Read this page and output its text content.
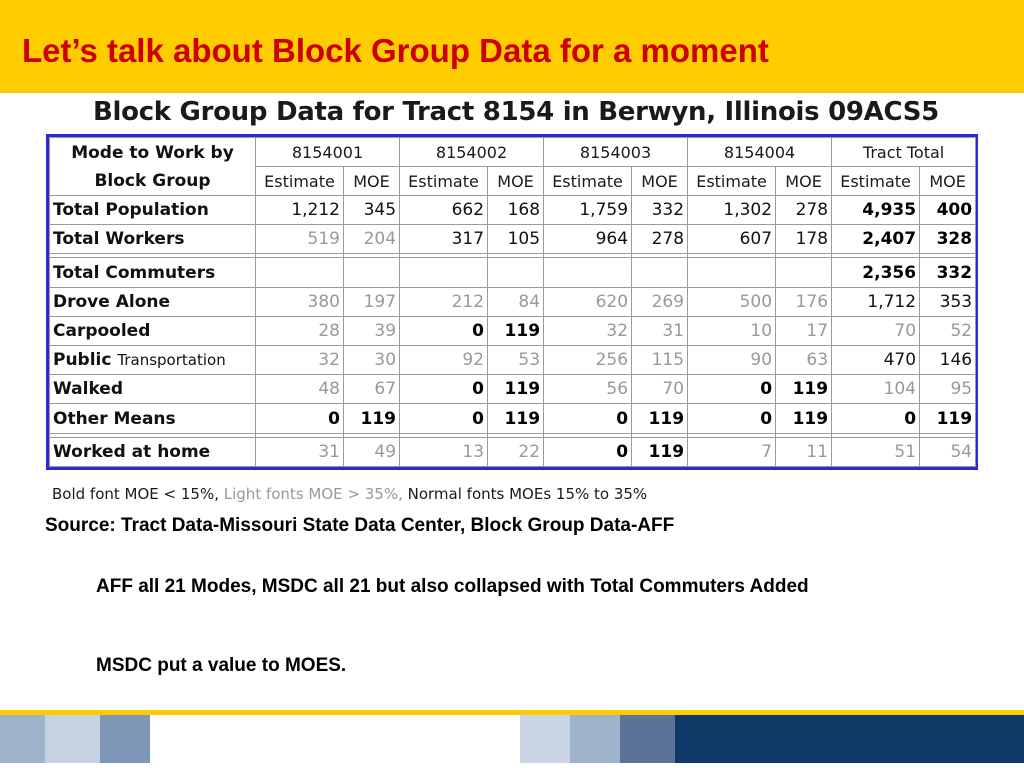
Let’s talk about Block Group Data for a moment
Block Group Data for Tract 8154 in Berwyn, Illinois 09ACS5
Mode to Work by
Block Group	8154001		8154002		8154003		8154004		Tract Total	
	Estimate	MOE	Estimate	MOE	Estimate	MOE	Estimate	MOE	Estimate	MOE
Total Population	1,212	345	662	168	1,759	332	1,302	278	4,935	400
Total Workers	519	204	317	105	964	278	607	178	2,407	328

Total Commuters									2,356	332
Drove Alone	380	197	212	84	620	269	500	176	1,712	353
Carpooled	28	39	0	119	32	31	10	17	70	52
Public Transportation	32	30	92	53	256	115	90	63	470	146
Walked	48	67	0	119	56	70	0	119	104	95
Other Means	0	119	0	119	0	119	0	119	0	119

Worked at home	31	49	13	22	0	119	7	11	51	54
Bold font MOE < 15%, Light fonts MOE > 35%, Normal fonts MOEs 15% to 35%
Source: Tract Data-Missouri State Data Center, Block Group Data-AFF
AFF all 21 Modes, MSDC all 21 but also collapsed with Total Commuters Added
MSDC put a value to MOES.
